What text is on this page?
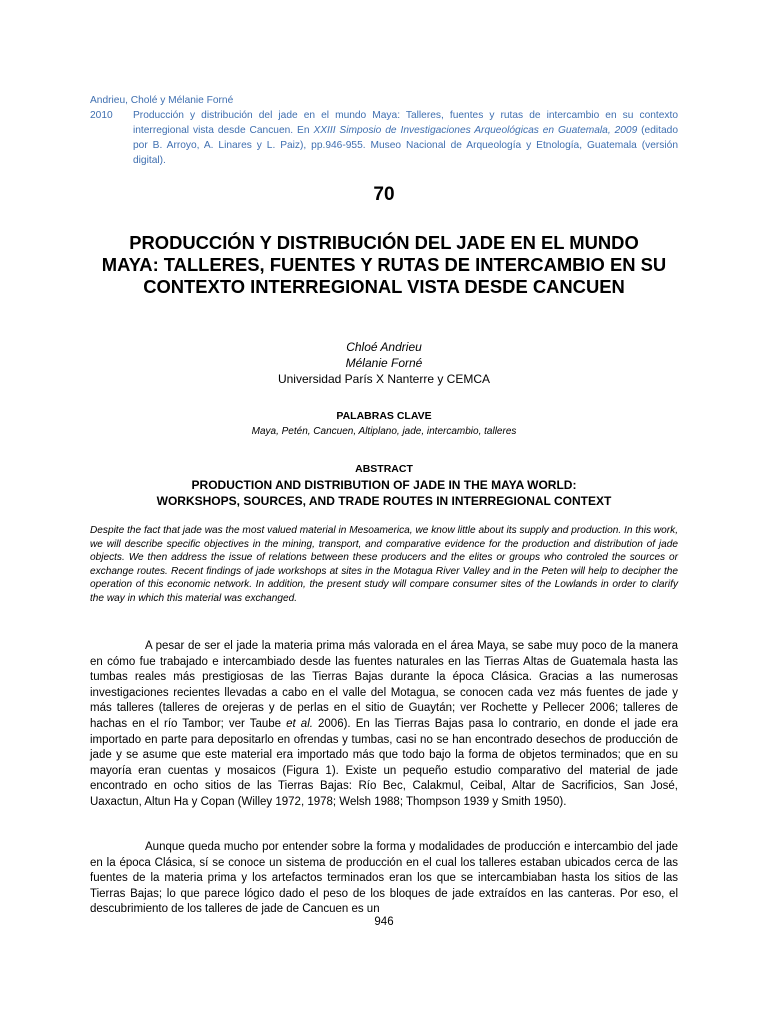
Andrieu, Cholé y Mélanie Forné
2010	Producción y distribución del jade en el mundo Maya: Talleres, fuentes y rutas de intercambio en su contexto interregional vista desde Cancuen. En XXIII Simposio de Investigaciones Arqueológicas en Guatemala, 2009 (editado por B. Arroyo, A. Linares y L. Paiz), pp.946-955. Museo Nacional de Arqueología y Etnología, Guatemala (versión digital).
70
PRODUCCIÓN Y DISTRIBUCIÓN DEL JADE EN EL MUNDO MAYA: TALLERES, FUENTES Y RUTAS DE INTERCAMBIO EN SU CONTEXTO INTERREGIONAL VISTA DESDE CANCUEN
Chloé Andrieu
Mélanie Forné
Universidad París X Nanterre y CEMCA
PALABRAS CLAVE
Maya, Petén, Cancuen, Altiplano, jade, intercambio, talleres
ABSTRACT
PRODUCTION AND DISTRIBUTION OF JADE IN THE MAYA WORLD:
WORKSHOPS, SOURCES, AND TRADE ROUTES IN INTERREGIONAL CONTEXT
Despite the fact that jade was the most valued material in Mesoamerica, we know little about its supply and production. In this work, we will describe specific objectives in the mining, transport, and comparative evidence for the production and distribution of jade objects. We then address the issue of relations between these producers and the elites or groups who controled the sources or exchange routes. Recent findings of jade workshops at sites in the Motagua River Valley and in the Peten will help to decipher the operation of this economic network. In addition, the present study will compare consumer sites of the Lowlands in order to clarify the way in which this material was exchanged.
A pesar de ser el jade la materia prima más valorada en el área Maya, se sabe muy poco de la manera en cómo fue trabajado e intercambiado desde las fuentes naturales en las Tierras Altas de Guatemala hasta las tumbas reales más prestigiosas de las Tierras Bajas durante la época Clásica. Gracias a las numerosas investigaciones recientes llevadas a cabo en el valle del Motagua, se conocen cada vez más fuentes de jade y más talleres (talleres de orejeras y de perlas en el sitio de Guaytán; ver Rochette y Pellecer 2006; talleres de hachas en el río Tambor; ver Taube et al. 2006). En las Tierras Bajas pasa lo contrario, en donde el jade era importado en parte para depositarlo en ofrendas y tumbas, casi no se han encontrado desechos de producción de jade y se asume que este material era importado más que todo bajo la forma de objetos terminados; que en su mayoría eran cuentas y mosaicos (Figura 1). Existe un pequeño estudio comparativo del material de jade encontrado en ocho sitios de las Tierras Bajas: Río Bec, Calakmul, Ceibal, Altar de Sacrificios, San José, Uaxactun, Altun Ha y Copan (Willey 1972, 1978; Welsh 1988; Thompson 1939 y Smith 1950).
Aunque queda mucho por entender sobre la forma y modalidades de producción e intercambio del jade en la época Clásica, sí se conoce un sistema de producción en el cual los talleres estaban ubicados cerca de las fuentes de la materia prima y los artefactos terminados eran los que se intercambiaban hasta los sitios de las Tierras Bajas; lo que parece lógico dado el peso de los bloques de jade extraídos en las canteras. Por eso, el descubrimiento de los talleres de jade de Cancuen es un
946
